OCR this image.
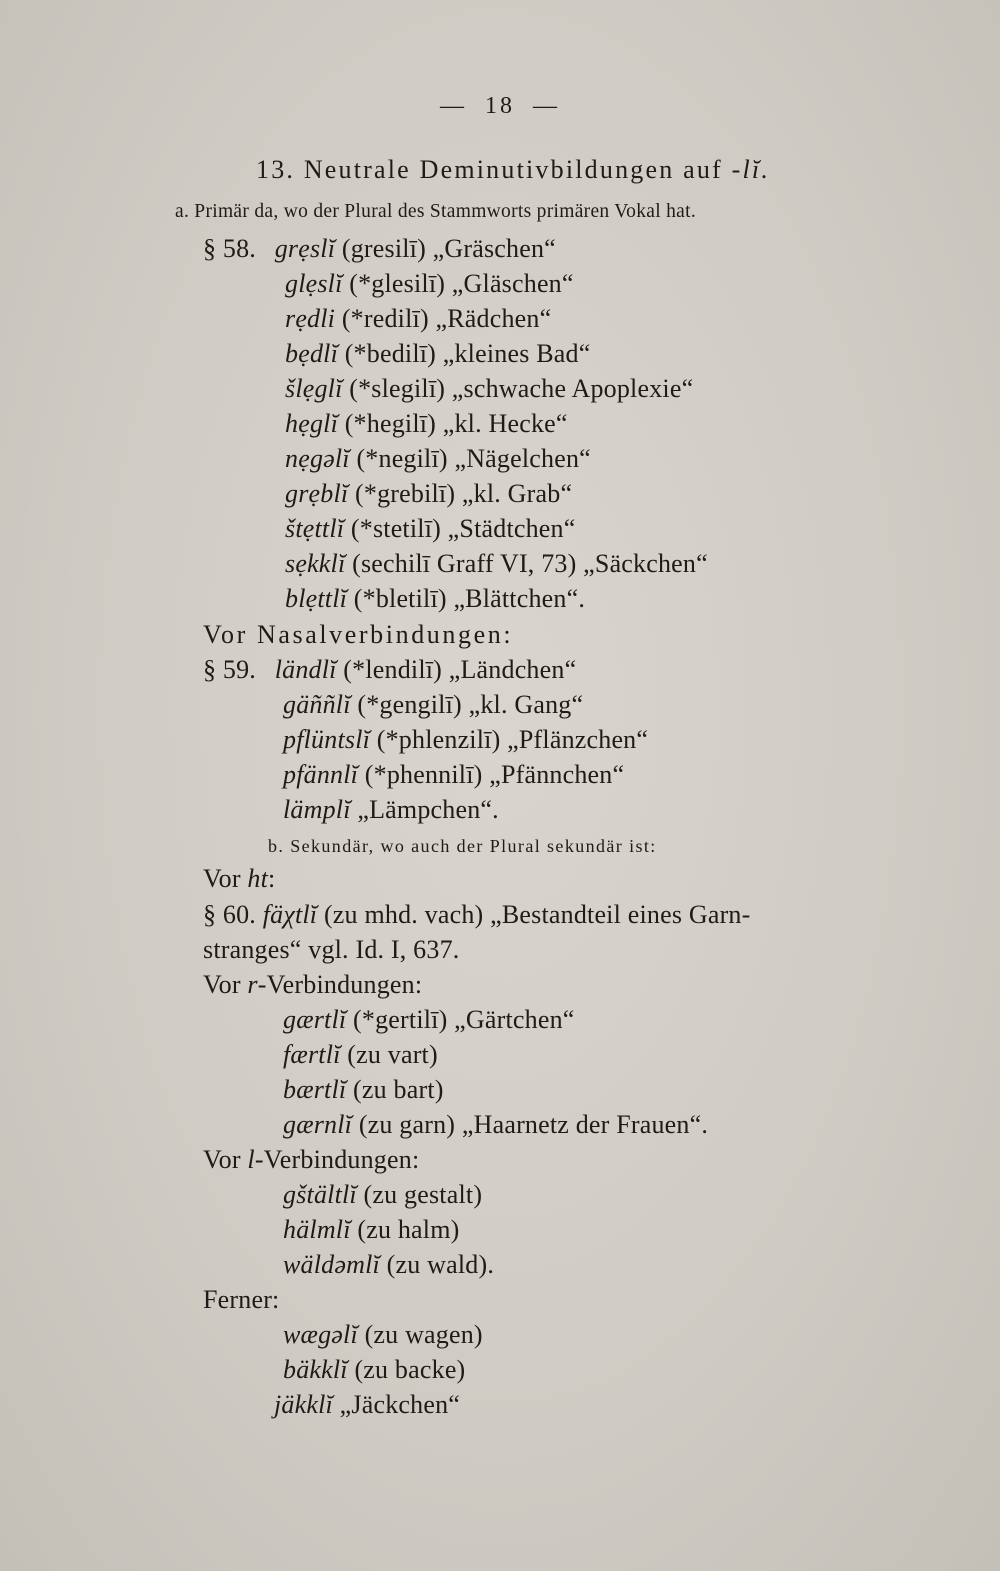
— 18 —
13. Neutrale Deminutivbildungen auf -lĭ.
a. Primär da, wo der Plural des Stammworts primären Vokal hat.
§ 58. grẹslĭ (gresilī) „Gräschen“
glẹslĭ (*glesilī) „Gläschen“
rẹdli (*redilī) „Rädchen“
bẹdlĭ (*bedilī) „kleines Bad“
šlẹglĭ (*slegilī) „schwache Apoplexie“
hẹglĭ (*hegilī) „kl. Hecke“
nẹgəlĭ (*negilī) „Nägelchen“
grẹblĭ (*grebilī) „kl. Grab“
štẹttlĭ (*stetilī) „Städtchen“
sẹkklĭ (sechilī Graff VI, 73) „Säckchen“
blẹttlĭ (*bletilī) „Blättchen“.
Vor Nasalverbindungen:
§ 59. ländlĭ (*lendilī) „Ländchen“
gäññlĭ (*gengilī) „kl. Gang“
pflüntslĭ (*phlenzilī) „Pflänzchen“
pfännlĭ (*phennilī) „Pfännchen“
lämplĭ „Lämpchen“.
b. Sekundär, wo auch der Plural sekundär ist:
Vor ht:
§ 60. fäχtlĭ (zu mhd. vach) „Bestandteil eines Garn-
stranges“ vgl. Id. I, 637.
Vor r-Verbindungen:
gærtlĭ (*gertilī) „Gärtchen“
færtlĭ (zu vart)
bærtlĭ (zu bart)
gærnlĭ (zu garn) „Haarnetz der Frauen“.
Vor l-Verbindungen:
gštältlĭ (zu gestalt)
hälmlĭ (zu halm)
wäldəmlĭ (zu wald).
Ferner:
wægəlĭ (zu wagen)
bäkklĭ (zu backe)
jäkklĭ „Jäckchen“
